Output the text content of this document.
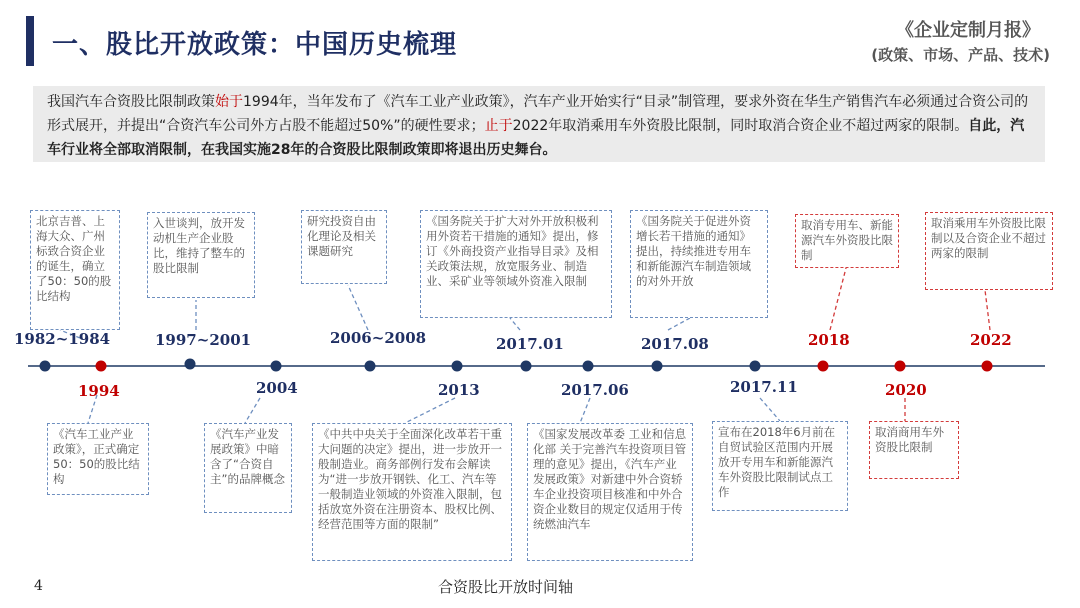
一、股比开放政策：中国历史梳理	《企业定制月报》
(政策、市场、产品、技术)
我国汽车合资股比限制政策始于1994年，当年发布了《汽车工业产业政策》，汽车产业开始实行“目录”制管理，要求外资在华生产销售汽车必须通过合资公司的形式展开，并提出“合资汽车公司外方占股不能超过50%”的硬性要求；止于2022年取消乘用车外资股比限制，同时取消合资企业不超过两家的限制。自此，汽车行业将全部取消限制，在我国实施28年的合资股比限制政策即将退出历史舞台。
1982~1984
1994
1997~2001
2004
2006~2008
2013
2017.01
2017.06
2017.08
2017.11
2018
2020
2022
北京吉普、上海大众、广州标致合资企业的诞生，确立了50：50的股比结构
入世谈判，放开发动机生产企业股比，维持了整车的股比限制
研究投资自由化理论及相关课题研究
《国务院关于扩大对外开放积极利用外资若干措施的通知》提出，修订《外商投资产业指导目录》及相关政策法规，放宽服务业、制造业、采矿业等领域外资准入限制
《国务院关于促进外资增长若干措施的通知》提出，持续推进专用车和新能源汽车制造领域的对外开放
取消专用车、新能源汽车外资股比限制
取消乘用车外资股比限制以及合资企业不超过两家的限制
《汽车工业产业政策》，正式确定50：50的股比结构
《汽车产业发展政策》中暗含了“合资自主”的品牌概念
《中共中央关于全面深化改革若干重大问题的决定》提出，进一步放开一般制造业。商务部例行发布会解读为“进一步放开钢铁、化工、汽车等一般制造业领域的外资准入限制，包括放宽外资在注册资本、股权比例、经营范围等方面的限制”
《国家发展改革委 工业和信息化部 关于完善汽车投资项目管理的意见》提出，《汽车产业发展政策》对新建中外合资轿车企业投资项目核准和中外合资企业数目的规定仅适用于传统燃油汽车
宣布在2018年6月前在自贸试验区范围内开展放开专用车和新能源汽车外资股比限制试点工作
取消商用车外资股比限制
4	合资股比开放时间轴
